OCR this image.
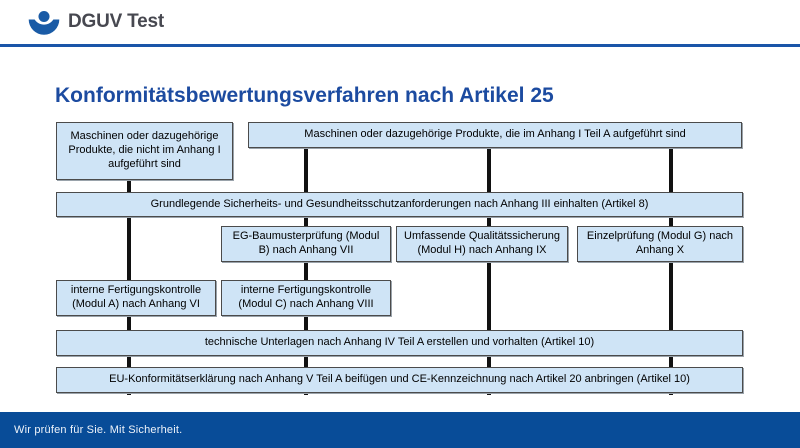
DGUV Test
Konformitätsbewertungsverfahren nach Artikel 25
Maschinen oder dazugehörige Produkte, die nicht im Anhang I aufgeführt sind
Maschinen oder dazugehörige Produkte, die im Anhang I Teil A aufgeführt sind
Grundlegende Sicherheits- und Gesundheitsschutzanforderungen nach Anhang III einhalten (Artikel 8)
EG-Baumusterprüfung (Modul B) nach Anhang VII
Umfassende Qualitätssicherung (Modul H) nach Anhang IX
Einzelprüfung (Modul G) nach Anhang X
interne Fertigungskontrolle (Modul A) nach Anhang VI
interne Fertigungskontrolle (Modul C) nach Anhang VIII
technische Unterlagen nach Anhang IV Teil A erstellen und vorhalten (Artikel 10)
EU-Konformitätserklärung nach Anhang V Teil A beifügen und CE-Kennzeichnung nach Artikel 20 anbringen (Artikel 10)
Wir prüfen für Sie. Mit Sicherheit.
